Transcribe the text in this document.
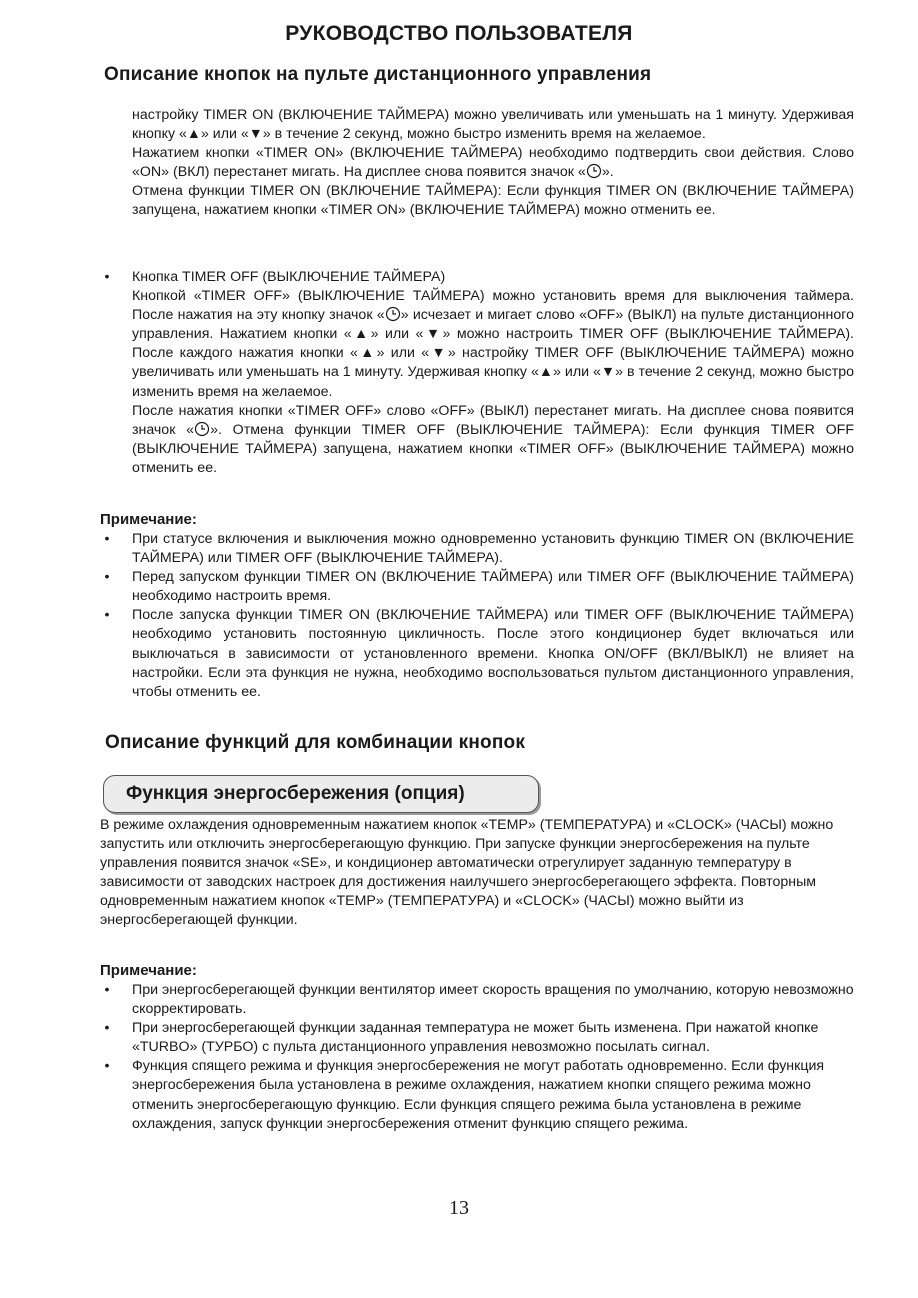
РУКОВОДСТВО ПОЛЬЗОВАТЕЛЯ
Описание кнопок на пульте дистанционного управления

настройку TIMER ON (ВКЛЮЧЕНИЕ ТАЙМЕРА) можно увеличивать или уменьшать на 1 минуту. Удерживая кнопку «▲» или «▼» в течение 2 секунд, можно быстро изменить время на желаемое.

Нажатием кнопки «TIMER ON» (ВКЛЮЧЕНИЕ ТАЙМЕРА) необходимо подтвердить свои действия. Слово «ON» (ВКЛ) перестанет мигать. На дисплее снова появится значок « ».

Отмена функции TIMER ON (ВКЛЮЧЕНИЕ ТАЙМЕРА): Если функция TIMER ON (ВКЛЮЧЕНИЕ ТАЙМЕРА) запущена, нажатием кнопки «TIMER ON» (ВКЛЮЧЕНИЕ ТАЙМЕРА) можно отменить ее.

•	Кнопка TIMER OFF (ВЫКЛЮЧЕНИЕ ТАЙМЕРА)

Кнопкой «TIMER OFF» (ВЫКЛЮЧЕНИЕ ТАЙМЕРА) можно установить время для выключения таймера. После нажатия на эту кнопку значок « » исчезает и мигает слово «OFF» (ВЫКЛ) на пульте дистанционного управления. Нажатием кнопки «▲» или «▼» можно настроить TIMER OFF (ВЫКЛЮЧЕНИЕ ТАЙМЕРА). После каждого нажатия кнопки «▲» или «▼» настройку TIMER OFF (ВЫКЛЮЧЕНИЕ ТАЙМЕРА) можно увеличивать или уменьшать на 1 минуту. Удерживая кнопку «▲» или «▼» в течение 2 секунд, можно быстро изменить время на желаемое.

После нажатия кнопки «TIMER OFF» слово «OFF» (ВЫКЛ) перестанет мигать. На дисплее снова появится значок « ». Отмена функции TIMER OFF (ВЫКЛЮЧЕНИЕ ТАЙМЕРА): Если функция TIMER OFF (ВЫКЛЮЧЕНИЕ ТАЙМЕРА) запущена, нажатием кнопки «TIMER OFF» (ВЫКЛЮЧЕНИЕ ТАЙМЕРА) можно отменить ее.

Примечание:
•	При статусе включения и выключения можно одновременно установить функцию TIMER ON (ВКЛЮЧЕНИЕ ТАЙМЕРА) или TIMER OFF (ВЫКЛЮЧЕНИЕ ТАЙМЕРА).
•	Перед запуском функции TIMER ON (ВКЛЮЧЕНИЕ ТАЙМЕРА) или TIMER OFF (ВЫКЛЮЧЕНИЕ ТАЙМЕРА) необходимо настроить время.
•	После запуска функции TIMER ON (ВКЛЮЧЕНИЕ ТАЙМЕРА) или TIMER OFF (ВЫКЛЮЧЕНИЕ ТАЙМЕРА) необходимо установить постоянную цикличность. После этого кондиционер будет включаться или выключаться в зависимости от установленного времени. Кнопка ON/OFF (ВКЛ/ВЫКЛ) не влияет на настройки. Если эта функция не нужна, необходимо воспользоваться пультом дистанционного управления, чтобы отменить ее.
Описание функций для комбинации кнопок
Функция энергосбережения (опция)
В режиме охлаждения одновременным нажатием кнопок «TEMP» (ТЕМПЕРАТУРА) и «CLOCK» (ЧАСЫ) можно запустить или отключить энергосберегающую функцию. При запуске функции энергосбережения на пульте управления появится значок «SE», и кондиционер автоматически отрегулирует заданную температуру в зависимости от заводских настроек для достижения наилучшего энергосберегающего эффекта. Повторным одновременным нажатием кнопок «TEMP» (ТЕМПЕРАТУРА) и «CLOCK» (ЧАСЫ) можно выйти из энергосберегающей функции.
Примечание:
•	При энергосберегающей функции вентилятор имеет скорость вращения по умолчанию, которую невозможно скорректировать.
•	При энергосберегающей функции заданная температура не может быть изменена. При нажатой кнопке «TURBO» (ТУРБО) с пульта дистанционного управления невозможно посылать сигнал.
•	Функция спящего режима и функция энергосбережения не могут работать одновременно. Если функция энергосбережения была установлена в режиме охлаждения, нажатием кнопки спящего режима можно отменить энергосберегающую функцию. Если функция спящего режима была установлена в режиме охлаждения, запуск функции энергосбережения отменит функцию спящего режима.
13
